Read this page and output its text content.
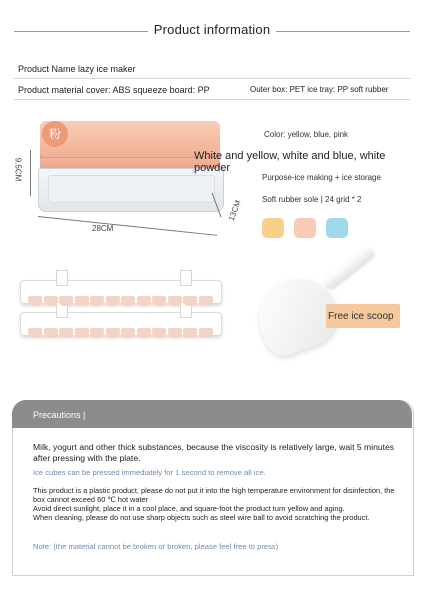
Product information
Product Name lazy ice maker
Product material cover: ABS squeeze board: PP	Outer box: PET ice tray: PP soft rubber
粉
9.5CM
28CM
13CM
Color: yellow, blue, pink
White and yellow, white and blue, white powder
Purpose-ice making + ice storage
Soft rubber sole | 24 grid * 2
Free ice scoop
Precautions |
Milk, yogurt and other thick substances, because the viscosity is relatively large, wait 5 minutes after pressing with the plate.
Ice cubes can be pressed immediately for 1 second to remove all ice.
This product is a plastic product, please do not put it into the high temperature environment for disinfection, the box cannot exceed 60 ℃ hot water
Avoid direct sunlight, place it in a cool place, and square-foot the product turn yellow and aging.
When cleaning, please do not use sharp objects such as steel wire ball to avoid scratching the product.
Note: (the material cannot be broken or broken, please feel free to press)
